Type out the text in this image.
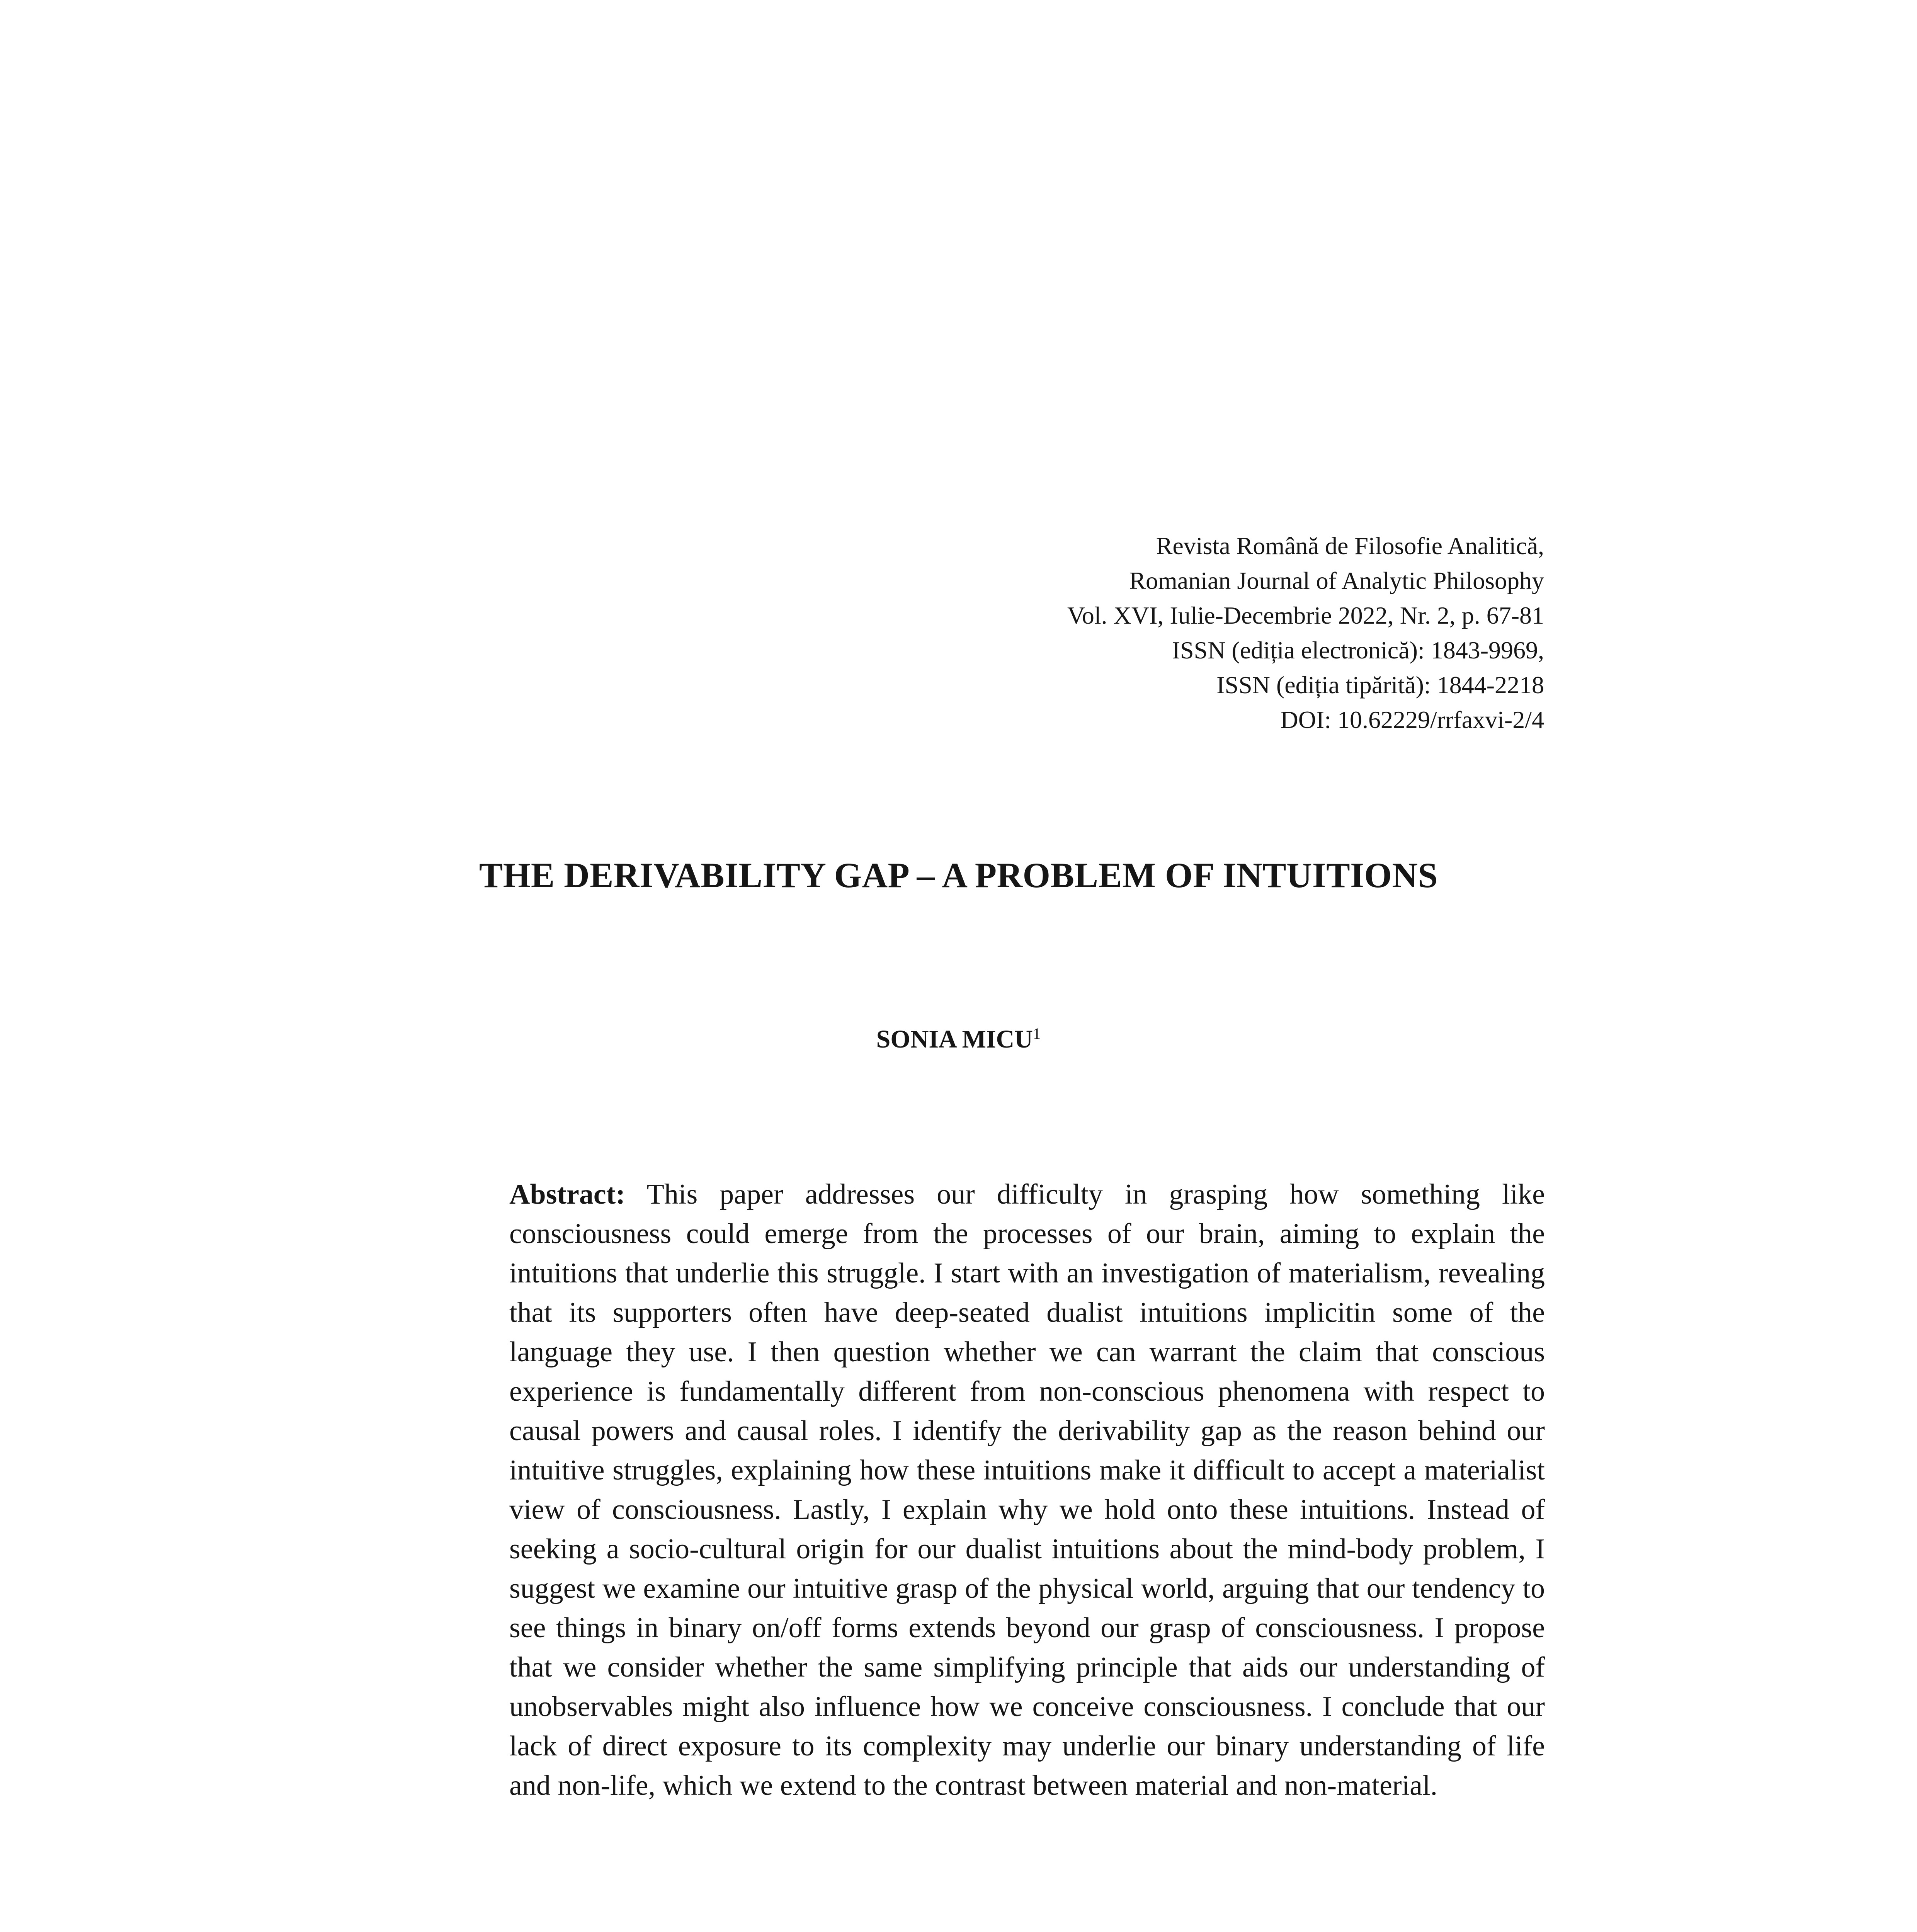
Revista Română de Filosofie Analitică,
Romanian Journal of Analytic Philosophy
Vol. XVI, Iulie-Decembrie 2022, Nr. 2, p. 67-81
ISSN (ediția electronică): 1843-9969,
ISSN (ediția tipărită): 1844-2218
DOI: 10.62229/rrfaxvi-2/4
THE DERIVABILITY GAP – A PROBLEM OF INTUITIONS
SONIA MICU$^1$
Abstract: This paper addresses our difficulty in grasping how something like consciousness could emerge from the processes of our brain, aiming to explain the intuitions that underlie this struggle. I start with an investigation of materialism, revealing that its supporters often have deep-seated dualist intuitions implicitin some of the language they use. I then question whether we can warrant the claim that conscious experience is fundamentally different from non-conscious phenomena with respect to causal powers and causal roles. I identify the derivability gap as the reason behind our intuitive struggles, explaining how these intuitions make it difficult to accept a materialist view of consciousness. Lastly, I explain why we hold onto these intuitions. Instead of seeking a socio-cultural origin for our dualist intuitions about the mind-body problem, I suggest we examine our intuitive grasp of the physical world, arguing that our tendency to see things in binary on/off forms extends beyond our grasp of consciousness. I propose that we consider whether the same simplifying principle that aids our understanding of unobservables might also influence how we conceive consciousness. I conclude that our lack of direct exposure to its complexity may underlie our binary understanding of life and non-life, which we extend to the contrast between material and non-material.
